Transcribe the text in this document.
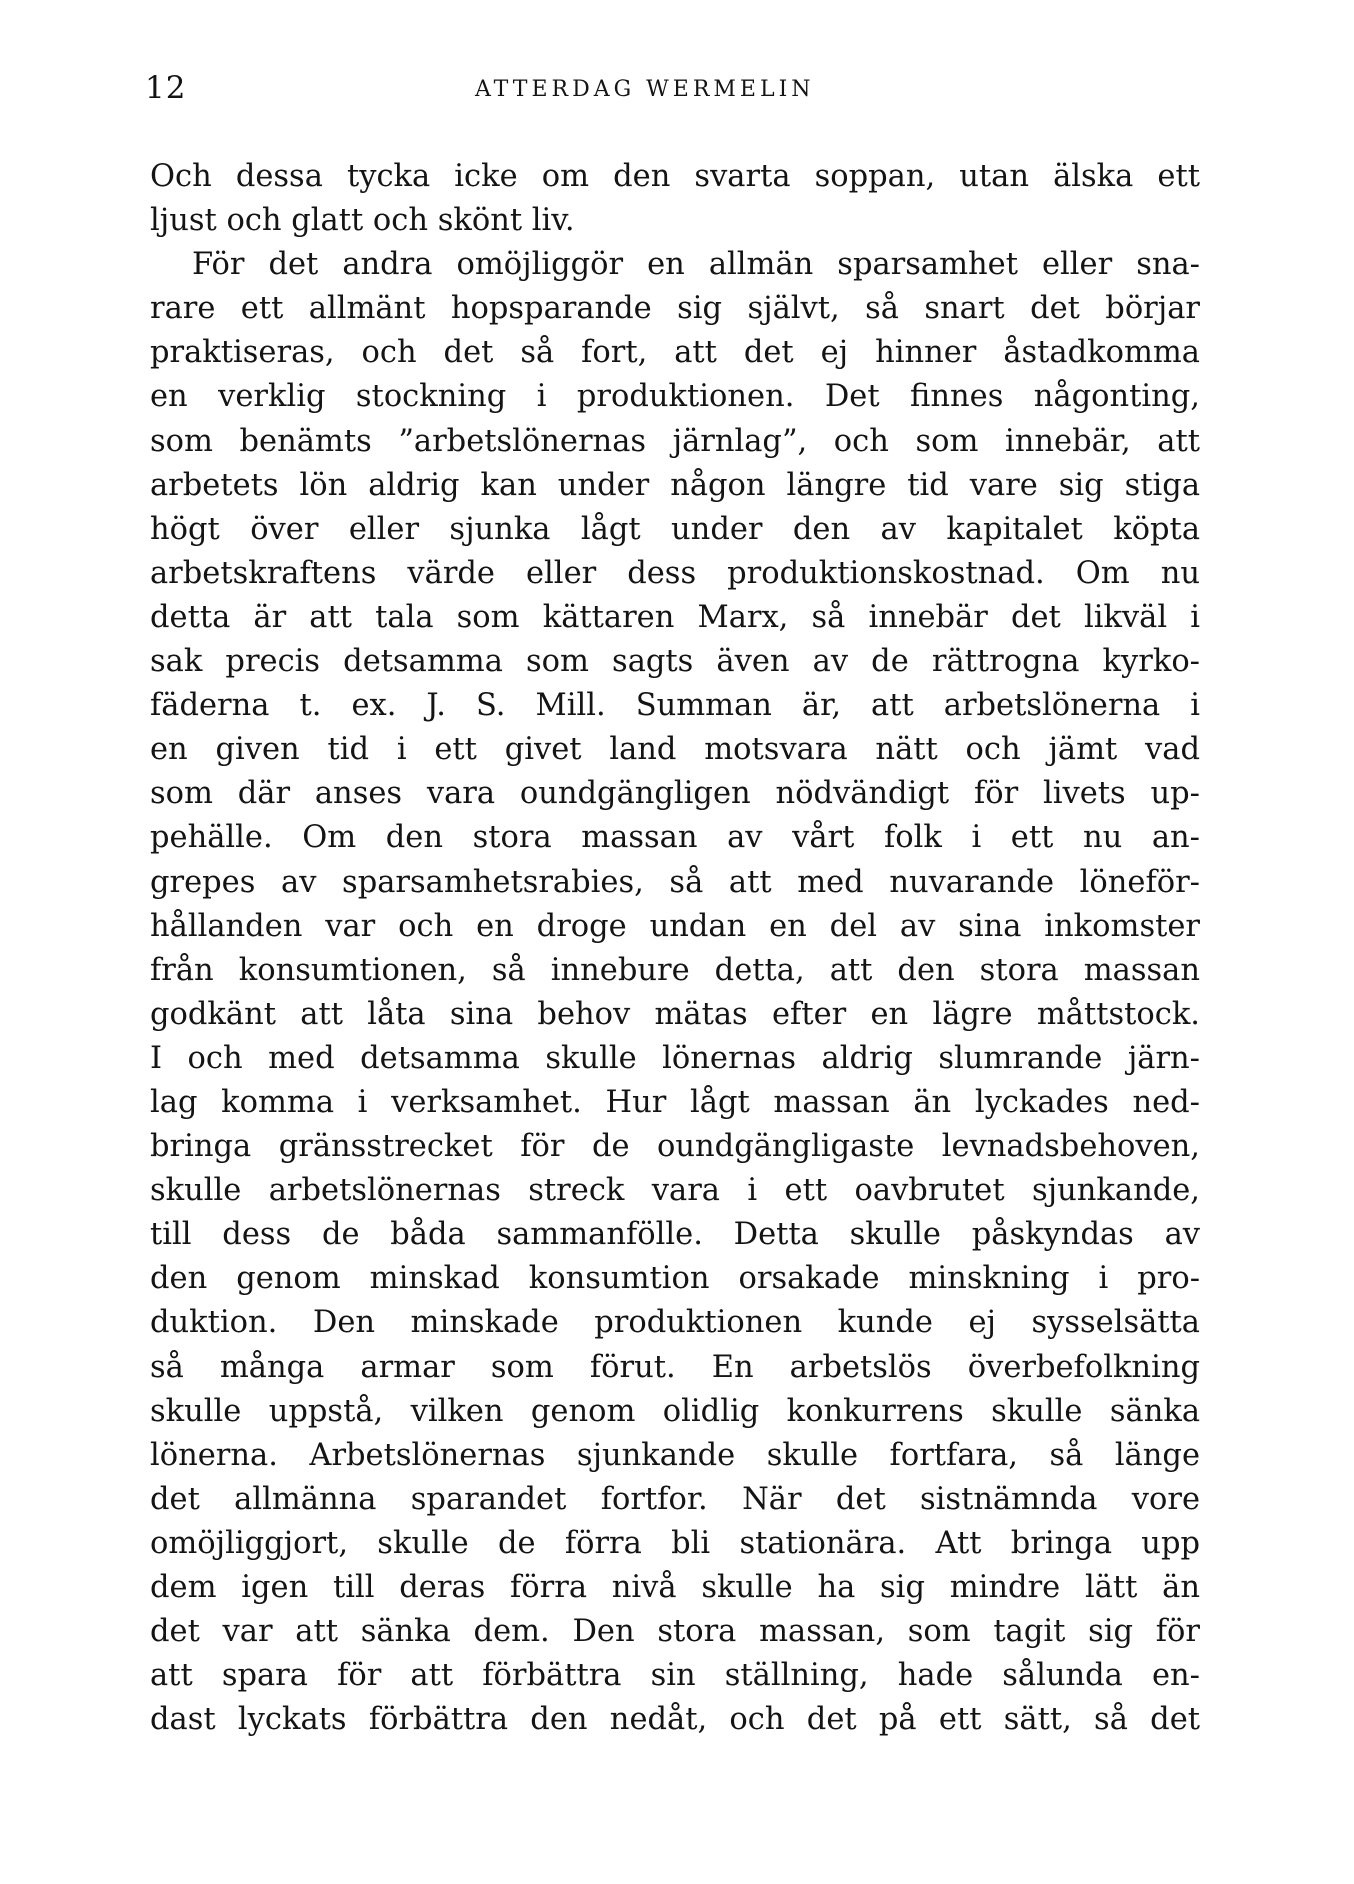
12	ATTERDAG WERMELIN
Och dessa tycka icke om den svarta soppan, utan älska ett
ljust och glatt och skönt liv.
För det andra omöjliggör en allmän sparsamhet eller sna-
rare ett allmänt hopsparande sig självt, så snart det börjar
praktiseras, och det så fort, att det ej hinner åstadkomma
en verklig stockning i produktionen. Det finnes någonting,
som benämts ”arbetslönernas järnlag”, och som innebär, att
arbetets lön aldrig kan under någon längre tid vare sig stiga
högt över eller sjunka lågt under den av kapitalet köpta
arbetskraftens värde eller dess produktionskostnad. Om nu
detta är att tala som kättaren Marx, så innebär det likväl i
sak precis detsamma som sagts även av de rättrogna kyrko-
fäderna t. ex. J. S. Mill. Summan är, att arbetslönerna i
en given tid i ett givet land motsvara nätt och jämt vad
som där anses vara oundgängligen nödvändigt för livets up-
pehälle. Om den stora massan av vårt folk i ett nu an-
grepes av sparsamhetsrabies, så att med nuvarande löneför-
hållanden var och en droge undan en del av sina inkomster
från konsumtionen, så innebure detta, att den stora massan
godkänt att låta sina behov mätas efter en lägre måttstock.
I och med detsamma skulle lönernas aldrig slumrande järn-
lag komma i verksamhet. Hur lågt massan än lyckades ned-
bringa gränsstrecket för de oundgängligaste levnadsbehoven,
skulle arbetslönernas streck vara i ett oavbrutet sjunkande,
till dess de båda sammanfölle. Detta skulle påskyndas av
den genom minskad konsumtion orsakade minskning i pro-
duktion. Den minskade produktionen kunde ej sysselsätta
så många armar som förut. En arbetslös överbefolkning
skulle uppstå, vilken genom olidlig konkurrens skulle sänka
lönerna. Arbetslönernas sjunkande skulle fortfara, så länge
det allmänna sparandet fortfor. När det sistnämnda vore
omöjliggjort, skulle de förra bli stationära. Att bringa upp
dem igen till deras förra nivå skulle ha sig mindre lätt än
det var att sänka dem. Den stora massan, som tagit sig för
att spara för att förbättra sin ställning, hade sålunda en-
dast lyckats förbättra den nedåt, och det på ett sätt, så det
